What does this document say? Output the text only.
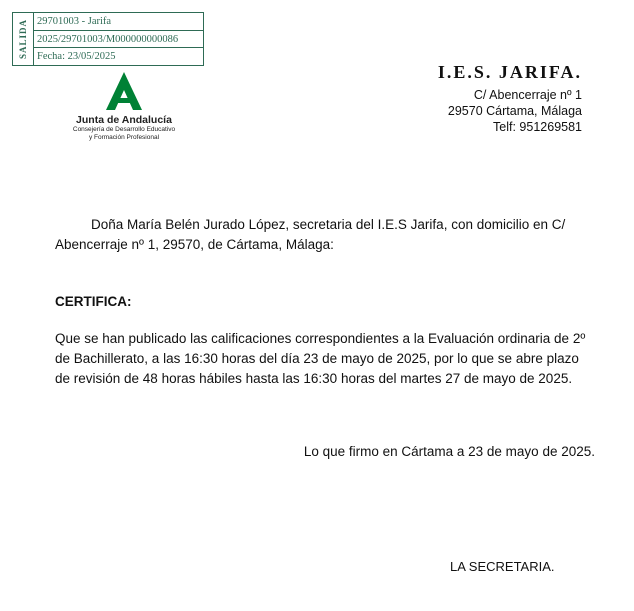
SALIDA 29701003 - Jarifa
2025/29701003/M000000000086
Fecha: 23/05/2025
Junta de Andalucía
Consejería de Desarrollo Educativo
y Formación Profesional
I.E.S. JARIFA.
C/ Abencerraje nº 1
29570 Cártama, Málaga
Telf: 951269581
Doña María Belén Jurado López, secretaria del I.E.S Jarifa, con domicilio en C/ Abencerraje nº 1, 29570, de Cártama, Málaga:
CERTIFICA:
Que se han publicado las calificaciones correspondientes a la Evaluación ordinaria de 2º de Bachillerato, a las 16:30 horas del día 23 de mayo de 2025, por lo que se abre plazo de revisión de 48 horas hábiles hasta las 16:30 horas del martes 27 de mayo de 2025.
Lo que firmo en Cártama a 23 de mayo de 2025.
LA SECRETARIA.
